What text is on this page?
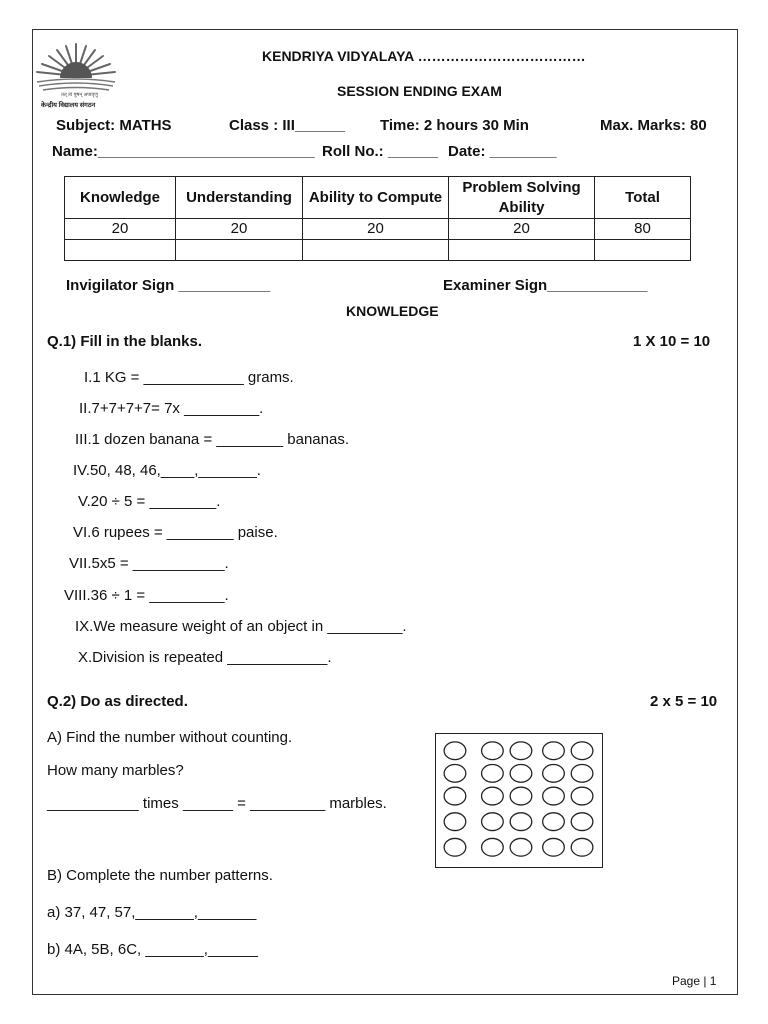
तत् त्वं पूषन् अपावृणु
केन्द्रीय विद्यालय संगठन
KENDRIYA VIDYALAYA ………………………………
SESSION ENDING EXAM
Subject: MATHS	Class : III______ Time: 2 hours 30 Min	Max. Marks: 80
Name:__________________________ Roll No.: ______ Date: ________
Knowledge	Understanding	Ability to Compute	Problem Solving Ability	Total
20	20	20	20	80

Invigilator Sign ___________	Examiner Sign____________
KNOWLEDGE
Q.1) Fill in the blanks.	1 X 10 = 10
I.1 KG = ____________ grams.
II.7+7+7+7= 7x _________.
III.1 dozen banana = ________ bananas.
IV.50, 48, 46,____,_______.
V.20 ÷ 5 = ________.
VI.6 rupees = ________ paise.
VII.5x5 = ___________.
VIII.36 ÷ 1 = _________.
IX.We measure weight of an object in _________.
X.Division is repeated ____________.
Q.2) Do as directed.	2 x 5 = 10
A) Find the number without counting.
How many marbles?
___________ times ______ = _________ marbles.
B) Complete the number patterns.
a) 37, 47, 57,_______,_______
b) 4A, 5B, 6C, _______,______
Page | 1
